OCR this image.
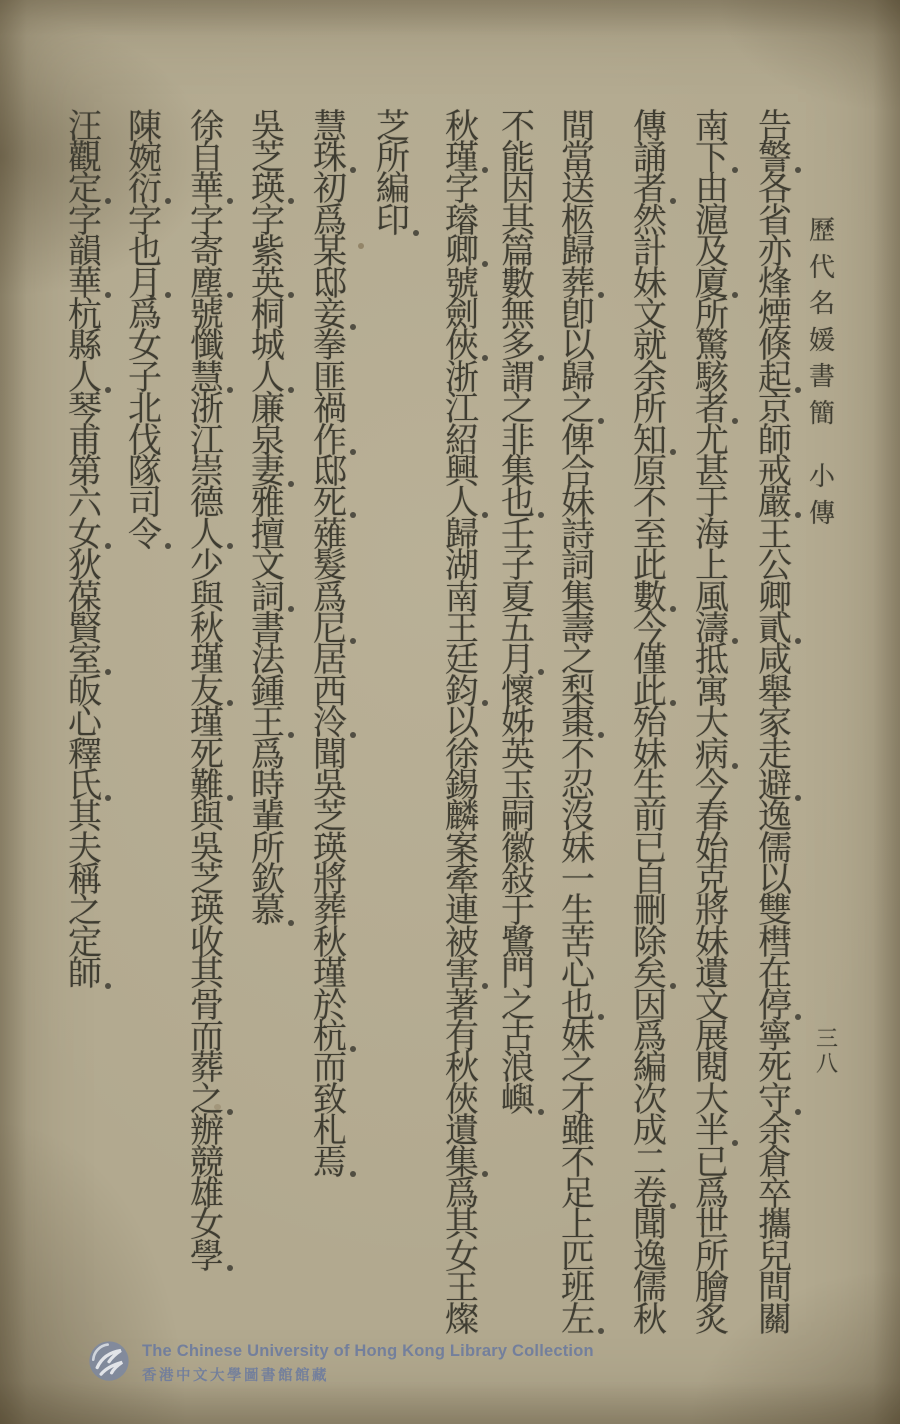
歷
代
名
媛
書
簡
小
傳
告
警
各
省
亦
烽
煙
倏
起
京
師
戒
嚴
王
公
卿
貳
咸
舉
家
走
避
逸
儒
以
雙
槥
在
停
寧
死
守
余
倉
卒
攜
兒
間
關
南
下
由
滬
及
廈
所
驚
駭
者
尤
甚
于
海
上
風
濤
抵
寓
大
病
今
春
始
克
將
妹
遺
文
展
閱
大
半
已
爲
世
所
膾
炙
傳
誦
者
然
計
妹
文
就
余
所
知
原
不
至
此
數
今
僅
此
殆
妹
生
前
已
自
刪
除
矣
因
爲
編
次
成
二
卷
聞
逸
儒
秋
間
當
送
柩
歸
葬
卽
以
歸
之
俾
合
妹
詩
詞
集
壽
之
梨
棗
不
忍
沒
妹
一
生
苦
心
也
妹
之
才
雖
不
足
上
匹
班
左
不
能
因
其
篇
數
無
多
謂
之
非
集
也
壬
子
夏
五
月
懷
姊
英
玉
嗣
徽
敍
于
鷺
門
之
古
浪
嶼
秋
瑾
字
璿
卿
號
劍
俠
浙
江
紹
興
人
歸
湖
南
王
廷
鈞
以
徐
錫
麟
案
牽
連
被
害
著
有
秋
俠
遺
集
爲
其
女
王
燦
芝
所
編
印
慧
珠
初
爲
某
邸
妾
拳
匪
禍
作
邸
死
薙
髮
爲
尼
居
西
泠
聞
吳
芝
瑛
將
葬
秋
瑾
於
杭
而
致
札
焉
吳
芝
瑛
字
紫
英
桐
城
人
廉
泉
妻
雅
擅
文
詞
書
法
鍾
王
爲
時
輩
所
欽
慕
徐
自
華
字
寄
塵
號
懺
慧
浙
江
崇
德
人
少
與
秋
瑾
友
瑾
死
難
與
吳
芝
瑛
收
其
骨
而
葬
之
辦
競
雄
女
學
陳
婉
衍
字
也
月
爲
女
子
北
伐
隊
司
令
汪
觀
定
字
韻
華
杭
縣
人
琴
甫
第
六
女
狄
葆
賢
室
皈
心
釋
氏
其
夫
稱
之
定
師
三
八
The Chinese University of Hong Kong Library Collection
香港中文大學圖書館館藏
